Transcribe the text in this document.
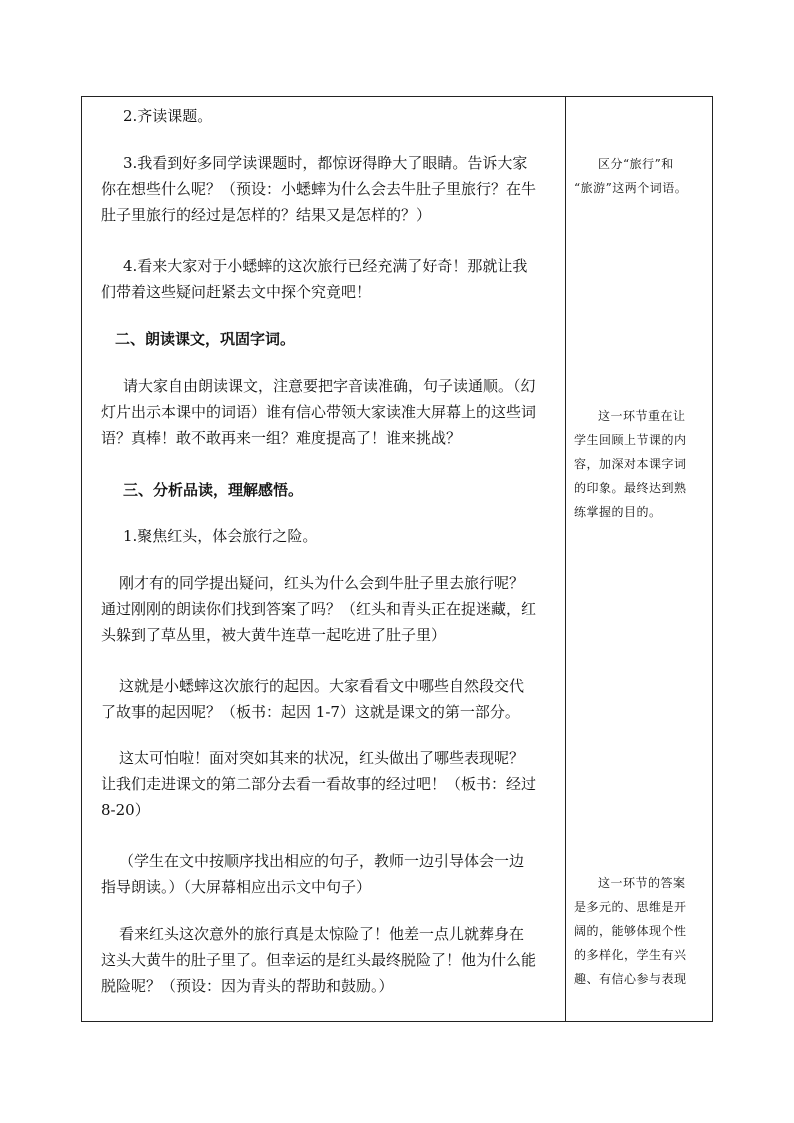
2.齐读课题。

3.我看到好多同学读课题时，都惊讶得睁大了眼睛。告诉大家
你在想些什么呢？（预设：小蟋蟀为什么会去牛肚子里旅行？在牛
肚子里旅行的经过是怎样的？结果又是怎样的？）

4.看来大家对于小蟋蟀的这次旅行已经充满了好奇！那就让我
们带着这些疑问赶紧去文中探个究竟吧！

二、朗读课文，巩固字词。

请大家自由朗读课文，注意要把字音读准确，句子读通顺。（幻
灯片出示本课中的词语）谁有信心带领大家读准大屏幕上的这些词
语？真棒！敢不敢再来一组？难度提高了！谁来挑战？

三、分析品读，理解感悟。

1.聚焦红头，体会旅行之险。

刚才有的同学提出疑问，红头为什么会到牛肚子里去旅行呢？
通过刚刚的朗读你们找到答案了吗？（红头和青头正在捉迷藏，红
头躲到了草丛里，被大黄牛连草一起吃进了肚子里）

这就是小蟋蟀这次旅行的起因。大家看看文中哪些自然段交代
了故事的起因呢？（板书：起因 1-7）这就是课文的第一部分。

这太可怕啦！面对突如其来的状况，红头做出了哪些表现呢？
让我们走进课文的第二部分去看一看故事的经过吧！（板书：经过
8-20）

（学生在文中按顺序找出相应的句子，教师一边引导体会一边
指导朗读。）（大屏幕相应出示文中句子）

看来红头这次意外的旅行真是太惊险了！他差一点儿就葬身在
这头大黄牛的肚子里了。但幸运的是红头最终脱险了！他为什么能
脱险呢？（预设：因为青头的帮助和鼓励。）

区分“旅行”和
“旅游”这两个词语。

这一环节重在让
学生回顾上节课的内
容，加深对本课字词
的印象。最终达到熟
练掌握的目的。

这一环节的答案
是多元的、思维是开
阔的，能够体现个性
的多样化，学生有兴
趣、有信心参与表现
